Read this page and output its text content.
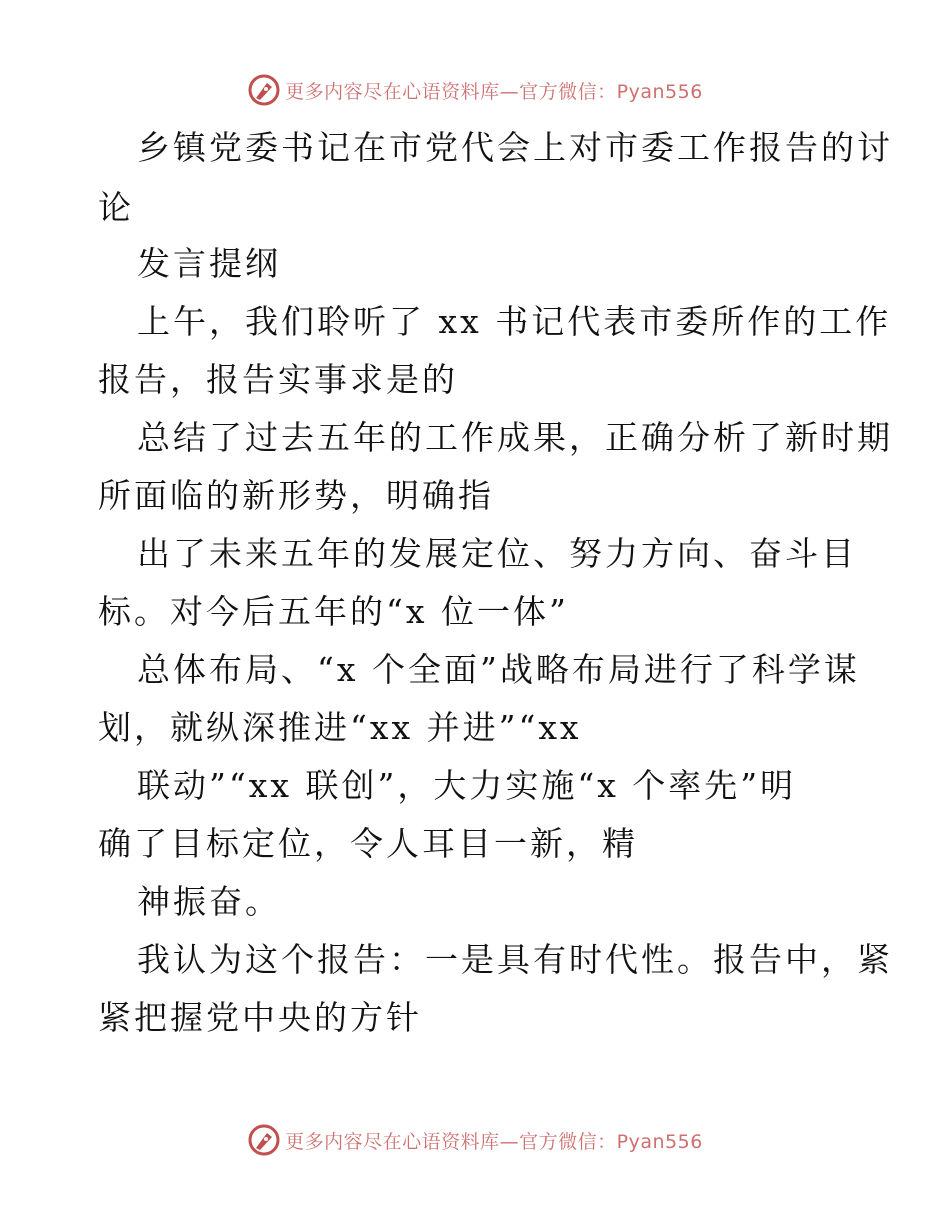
更多内容尽在心语资料库—官方微信：Pyan556
乡镇党委书记在市党代会上对市委工作报告的讨
论
发言提纲
上午，我们聆听了 xx 书记代表市委所作的工作
报告，报告实事求是的
总结了过去五年的工作成果，正确分析了新时期
所面临的新形势，明确指
出了未来五年的发展定位、努力方向、奋斗目
标。对今后五年的“x 位一体”
总体布局、“x 个全面”战略布局进行了科学谋
划，就纵深推进“xx 并进”“xx
联动”“xx 联创”，大力实施“x 个率先”明
确了目标定位，令人耳目一新，精
神振奋。
我认为这个报告：一是具有时代性。报告中，紧
紧把握党中央的方针
更多内容尽在心语资料库—官方微信：Pyan556
